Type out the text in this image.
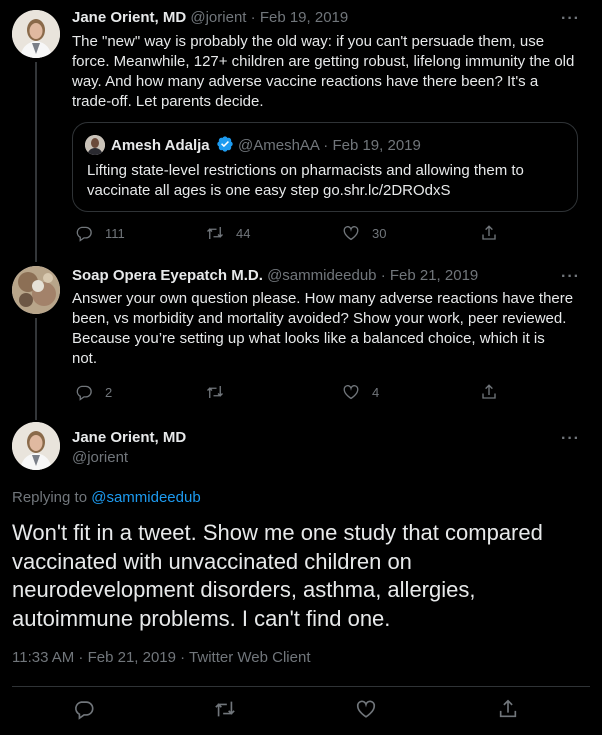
Jane Orient, MD @jorient · Feb 19, 2019	···
The "new" way is probably the old way: if you can't persuade them, use
force. Meanwhile, 127+ children are getting robust, lifelong immunity the old
way. And how many adverse vaccine reactions have there been? It's a
trade-off. Let parents decide.
Amesh Adalja @AmeshAA · Feb 19, 2019
Lifting state-level restrictions on pharmacists and allowing them to
vaccinate all ages is one easy step go.shr.lc/2DROdxS
111	44	30
Soap Opera Eyepatch M.D. @sammideedub · Feb 21, 2019	···
Answer your own question please. How many adverse reactions have there
been, vs morbidity and mortality avoided? Show your work, peer reviewed.
Because you’re setting up what looks like a balanced choice, which it is
not.
2	4
Jane Orient, MD
@jorient
···
Replying to @sammideedub
Won't fit in a tweet. Show me one study that compared
vaccinated with unvaccinated children on
neurodevelopment disorders, asthma, allergies,
autoimmune problems. I can't find one.
11:33 AM · Feb 21, 2019 · Twitter Web Client
